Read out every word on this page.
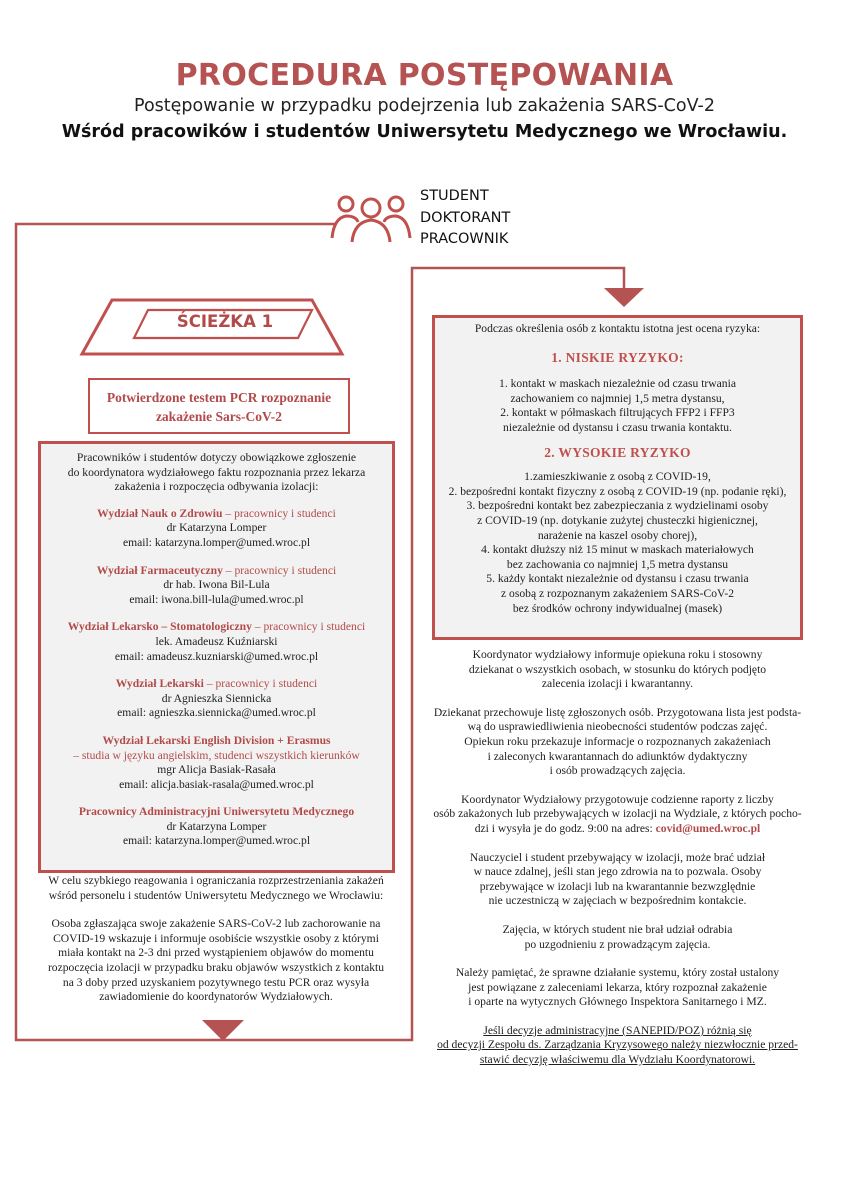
PROCEDURA POSTĘPOWANIA
Postępowanie w przypadku podejrzenia lub zakażenia SARS-CoV-2
Wśród pracowików i studentów Uniwersytetu Medycznego we Wrocławiu.
STUDENT
DOKTORANT
PRACOWNIK
ŚCIEŻKA 1
Potwierdzone testem PCR rozpoznanie
zakażenie Sars-CoV-2
Pracowników i studentów dotyczy obowiązkowe zgłoszenie
do koordynatora wydziałowego faktu rozpoznania przez lekarza
zakażenia i rozpoczęcia odbywania izolacji:
Wydział Nauk o Zdrowiu – pracownicy i studenci
dr Katarzyna Lomper
email: katarzyna.lomper@umed.wroc.pl
Wydział Farmaceutyczny – pracownicy i studenci
dr hab. Iwona Bil-Lula
email: iwona.bill-lula@umed.wroc.pl
Wydział Lekarsko – Stomatologiczny – pracownicy i studenci
lek. Amadeusz Kuźniarski
email: amadeusz.kuzniarski@umed.wroc.pl
Wydział Lekarski – pracownicy i studenci
dr Agnieszka Siennicka
email: agnieszka.siennicka@umed.wroc.pl
Wydział Lekarski English Division + Erasmus
– studia w języku angielskim, studenci wszystkich kierunków
mgr Alicja Basiak-Rasała
email: alicja.basiak-rasala@umed.wroc.pl
Pracownicy Administracyjni Uniwersytetu Medycznego
dr Katarzyna Lomper
email: katarzyna.lomper@umed.wroc.pl
W celu szybkiego reagowania i ograniczania rozprzestrzeniania zakażeń
wśród personelu i studentów Uniwersytetu Medycznego we Wrocławiu:
Osoba zgłaszająca swoje zakażenie SARS-CoV-2 lub zachorowanie na
COVID-19 wskazuje i informuje osobiście wszystkie osoby z którymi
miała kontakt na 2-3 dni przed wystąpieniem objawów do momentu
rozpoczęcia izolacji w przypadku braku objawów wszystkich z kontaktu
na 3 doby przed uzyskaniem pozytywnego testu PCR oraz wysyła
zawiadomienie do koordynatorów Wydziałowych.
Podczas określenia osób z kontaktu istotna jest ocena ryzyka:
1. NISKIE RYZYKO:
1. kontakt w maskach niezależnie od czasu trwania
zachowaniem co najmniej 1,5 metra dystansu,
2. kontakt w półmaskach filtrujących FFP2 i FFP3
niezależnie od dystansu i czasu trwania kontaktu.
2. WYSOKIE RYZYKO
1.zamieszkiwanie z osobą z COVID-19,
2. bezpośredni kontakt fizyczny z osobą z COVID-19 (np. podanie ręki),
3. bezpośredni kontakt bez zabezpieczania z wydzielinami osoby
z COVID-19 (np. dotykanie zużytej chusteczki higienicznej,
narażenie na kaszel osoby chorej),
4. kontakt dłuższy niż 15 minut w maskach materiałowych
bez zachowania co najmniej 1,5 metra dystansu
5. każdy kontakt niezależnie od dystansu i czasu trwania
z osobą z rozpoznanym zakażeniem SARS-CoV-2
bez środków ochrony indywidualnej (masek)
Koordynator wydziałowy informuje opiekuna roku i stosowny
dziekanat o wszystkich osobach, w stosunku do których podjęto
zalecenia izolacji i kwarantanny.
Dziekanat przechowuje listę zgłoszonych osób. Przygotowana lista jest podsta-
wą do usprawiedliwienia nieobecności studentów podczas zajęć.
Opiekun roku przekazuje informacje o rozpoznanych zakażeniach
i zaleconych kwarantannach do adiunktów dydaktyczny
i osób prowadzących zajęcia.
Koordynator Wydziałowy przygotowuje codzienne raporty z liczby
osób zakażonych lub przebywających w izolacji na Wydziale, z których pocho-
dzi i wysyła je do godz. 9:00 na adres: covid@umed.wroc.pl
Nauczyciel i student przebywający w izolacji, może brać udział
w nauce zdalnej, jeśli stan jego zdrowia na to pozwala. Osoby
przebywające w izolacji lub na kwarantannie bezwzględnie
nie uczestniczą w zajęciach w bezpośrednim kontakcie.
Zajęcia, w których student nie brał udział odrabia
po uzgodnieniu z prowadzącym zajęcia.
Należy pamiętać, że sprawne działanie systemu, który został ustalony
jest powiązane z zaleceniami lekarza, który rozpoznał zakażenie
i oparte na wytycznych Głównego Inspektora Sanitarnego i MZ.
Jeśli decyzje administracyjne (SANEPID/POZ) różnią się
od decyzji Zespołu ds. Zarządzania Kryzysowego należy niezwłocznie przed-
stawić decyzję właściwemu dla Wydziału Koordynatorowi.
